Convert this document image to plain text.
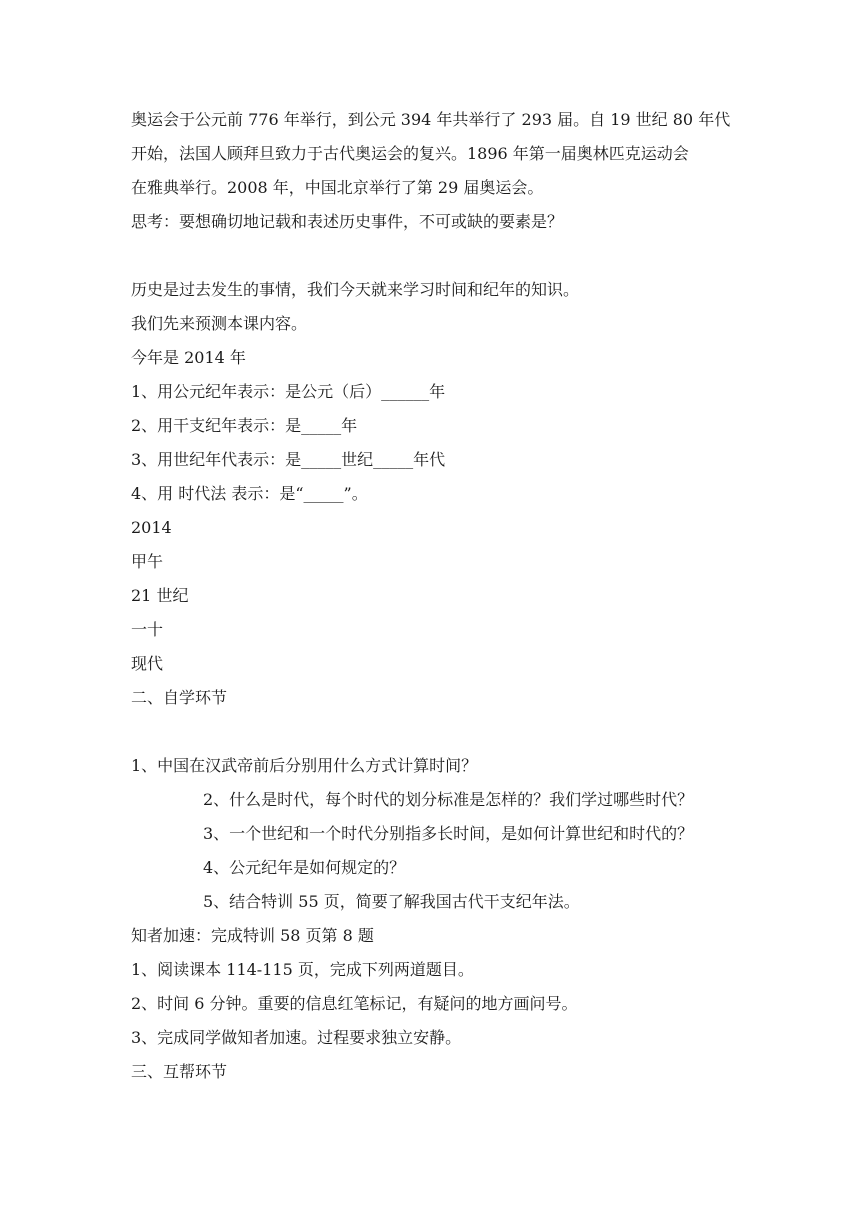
奥运会于公元前 776 年举行，到公元 394 年共举行了 293 届。自 19 世纪 80 年代
开始，法国人顾拜旦致力于古代奥运会的复兴。1896 年第一届奥林匹克运动会
在雅典举行。2008 年，中国北京举行了第 29 届奥运会。
思考：要想确切地记载和表述历史事件，不可或缺的要素是？
历史是过去发生的事情，我们今天就来学习时间和纪年的知识。
我们先来预测本课内容。
今年是 2014 年
1、用公元纪年表示：是公元（后）______年
2、用干支纪年表示：是_____年
3、用世纪年代表示：是_____世纪_____年代
4、用 时代法 表示：是“_____”。
2014
甲午
21 世纪
一十
现代
二、自学环节
1、中国在汉武帝前后分别用什么方式计算时间？
2、什么是时代，每个时代的划分标准是怎样的？我们学过哪些时代？
3、一个世纪和一个时代分别指多长时间，是如何计算世纪和时代的？
4、公元纪年是如何规定的？
5、结合特训 55 页，简要了解我国古代干支纪年法。
知者加速：完成特训 58 页第 8 题
1、阅读课本 114-115 页，完成下列两道题目。
2、时间 6 分钟。重要的信息红笔标记，有疑问的地方画问号。
3、完成同学做知者加速。过程要求独立安静。
三、互帮环节
